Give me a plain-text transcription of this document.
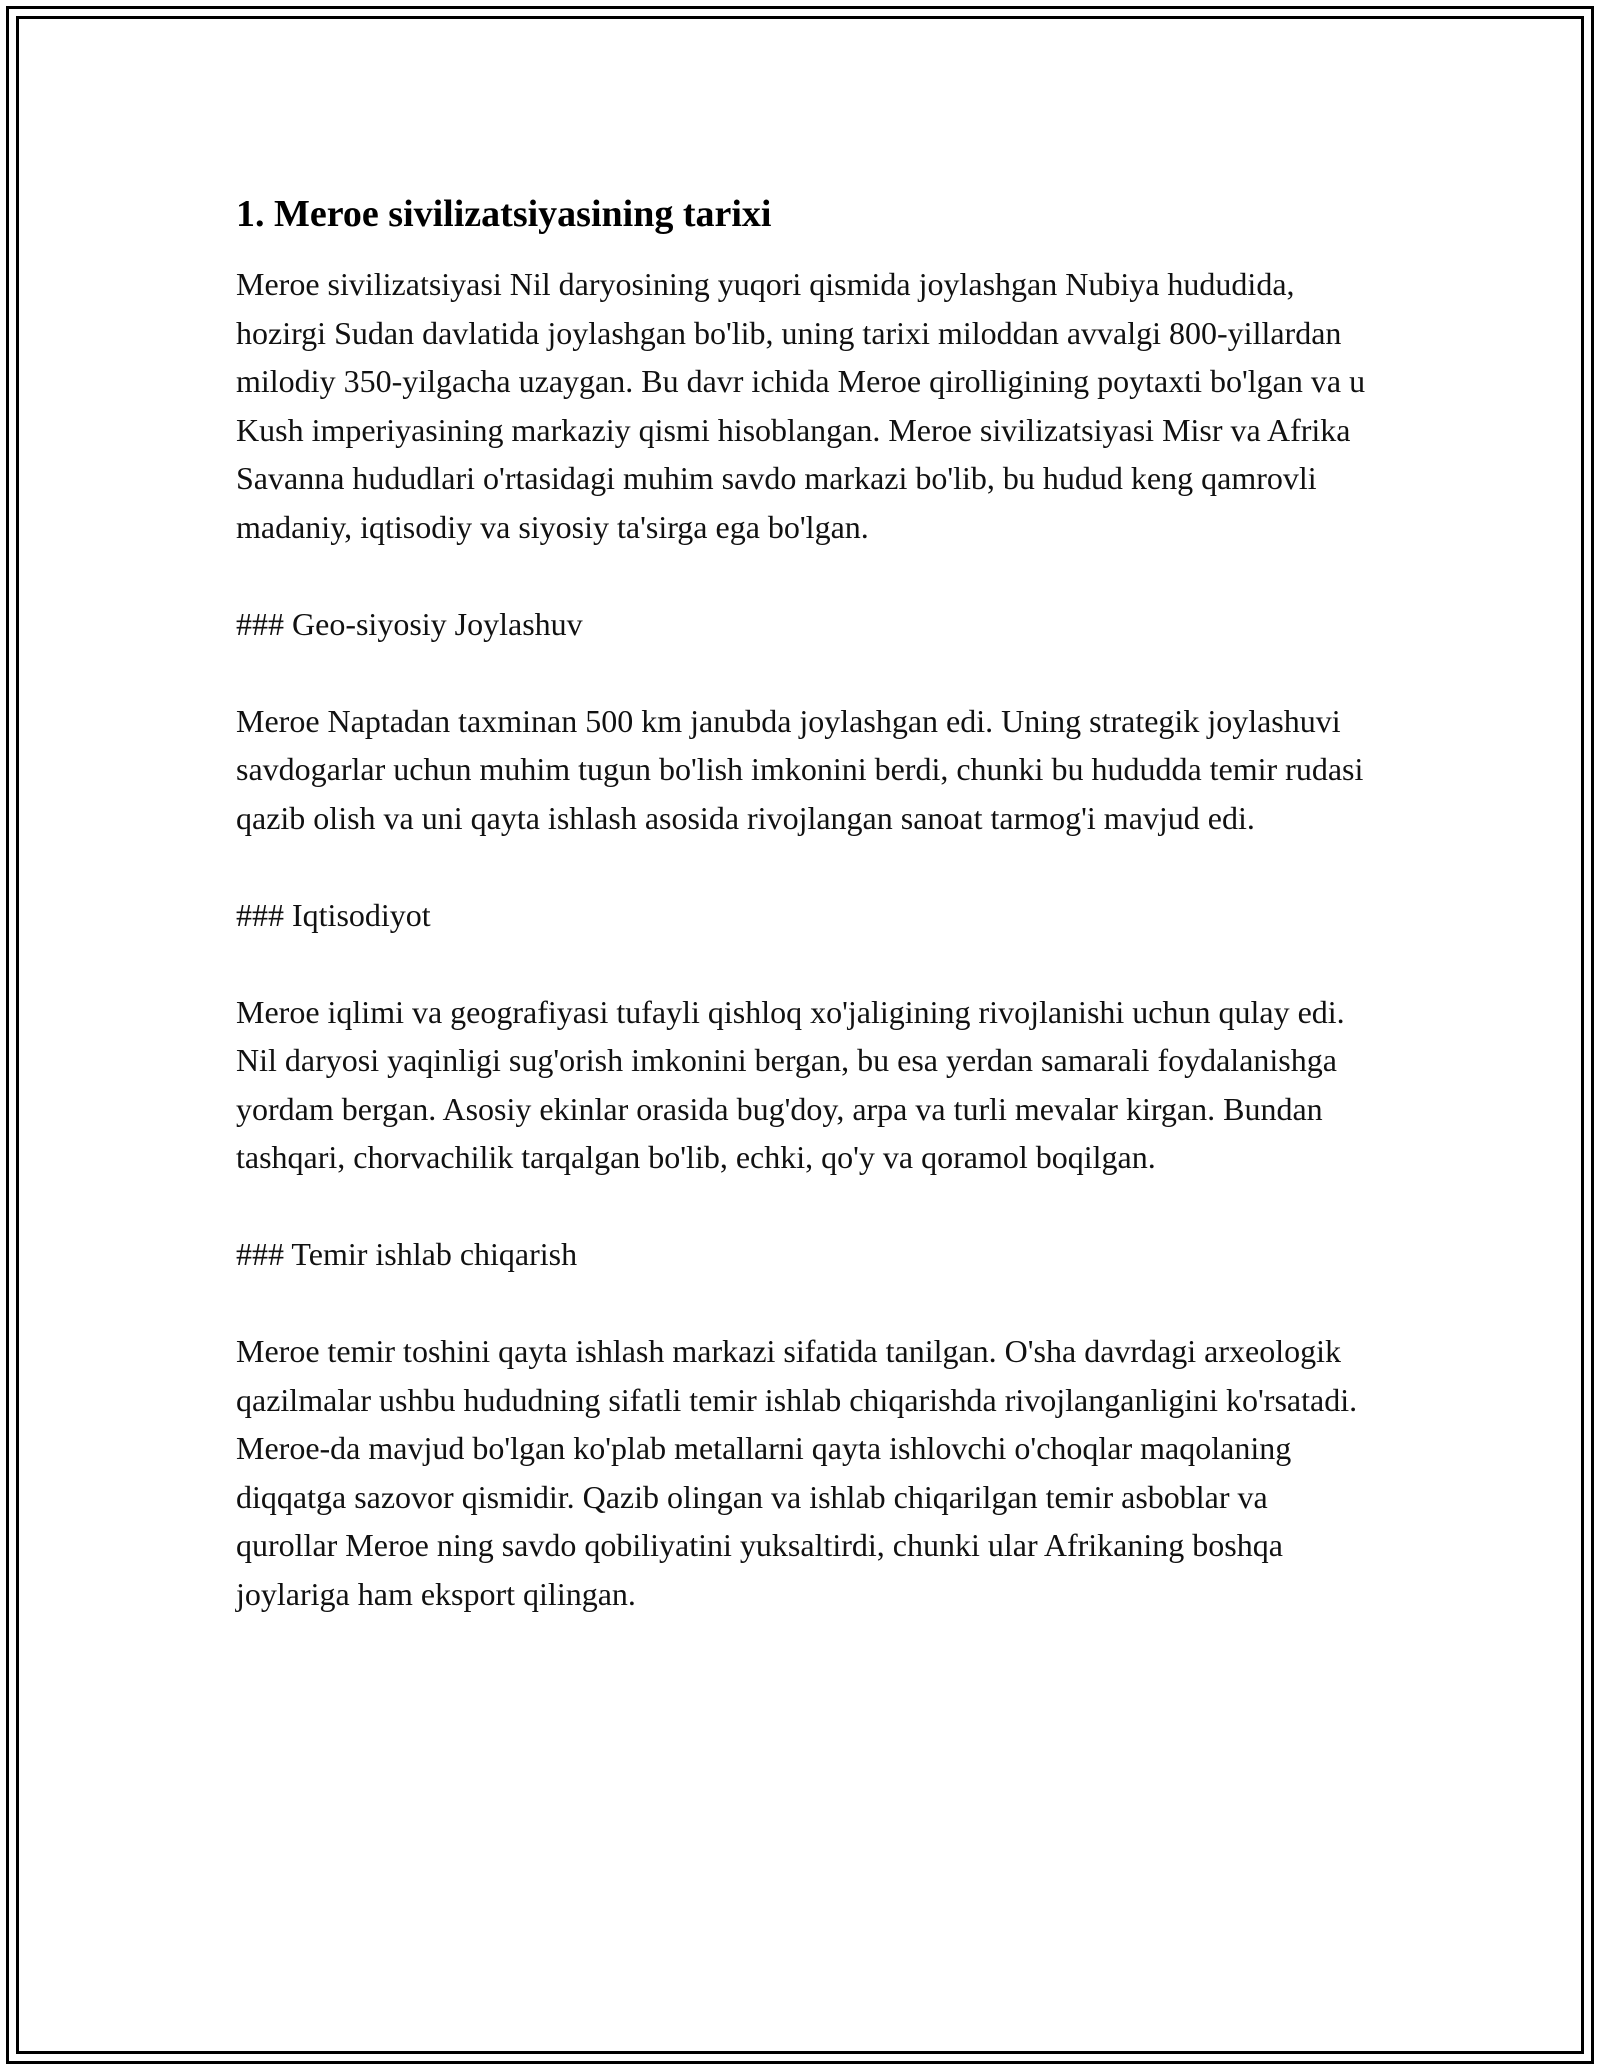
1. Meroe sivilizatsiyasining tarixi

Meroe sivilizatsiyasi Nil daryosining yuqori qismida joylashgan Nubiya hududida, hozirgi Sudan davlatida joylashgan bo'lib, uning tarixi miloddan avvalgi 800-yillardan milodiy 350-yilgacha uzaygan. Bu davr ichida Meroe qirolligining poytaxti bo'lgan va u Kush imperiyasining markaziy qismi hisoblangan. Meroe sivilizatsiyasi Misr va Afrika Savanna hududlari o'rtasidagi muhim savdo markazi bo'lib, bu hudud keng qamrovli madaniy, iqtisodiy va siyosiy ta'sirga ega bo'lgan.

### Geo-siyosiy Joylashuv

Meroe Naptadan taxminan 500 km janubda joylashgan edi. Uning strategik joylashuvi savdogarlar uchun muhim tugun bo'lish imkonini berdi, chunki bu hududda temir rudasi qazib olish va uni qayta ishlash asosida rivojlangan sanoat tarmog'i mavjud edi.

### Iqtisodiyot

Meroe iqlimi va geografiyasi tufayli qishloq xo'jaligining rivojlanishi uchun qulay edi. Nil daryosi yaqinligi sug'orish imkonini bergan, bu esa yerdan samarali foydalanishga yordam bergan. Asosiy ekinlar orasida bug'doy, arpa va turli mevalar kirgan. Bundan tashqari, chorvachilik tarqalgan bo'lib, echki, qo'y va qoramol boqilgan.

### Temir ishlab chiqarish

Meroe temir toshini qayta ishlash markazi sifatida tanilgan. O'sha davrdagi arxeologik qazilmalar ushbu hududning sifatli temir ishlab chiqarishda rivojlanganligini ko'rsatadi. Meroe-da mavjud bo'lgan ko'plab metallarni qayta ishlovchi o'choqlar maqolaning diqqatga sazovor qismidir. Qazib olingan va ishlab chiqarilgan temir asboblar va qurollar Meroe ning savdo qobiliyatini yuksaltirdi, chunki ular Afrikaning boshqa joylariga ham eksport qilingan.
